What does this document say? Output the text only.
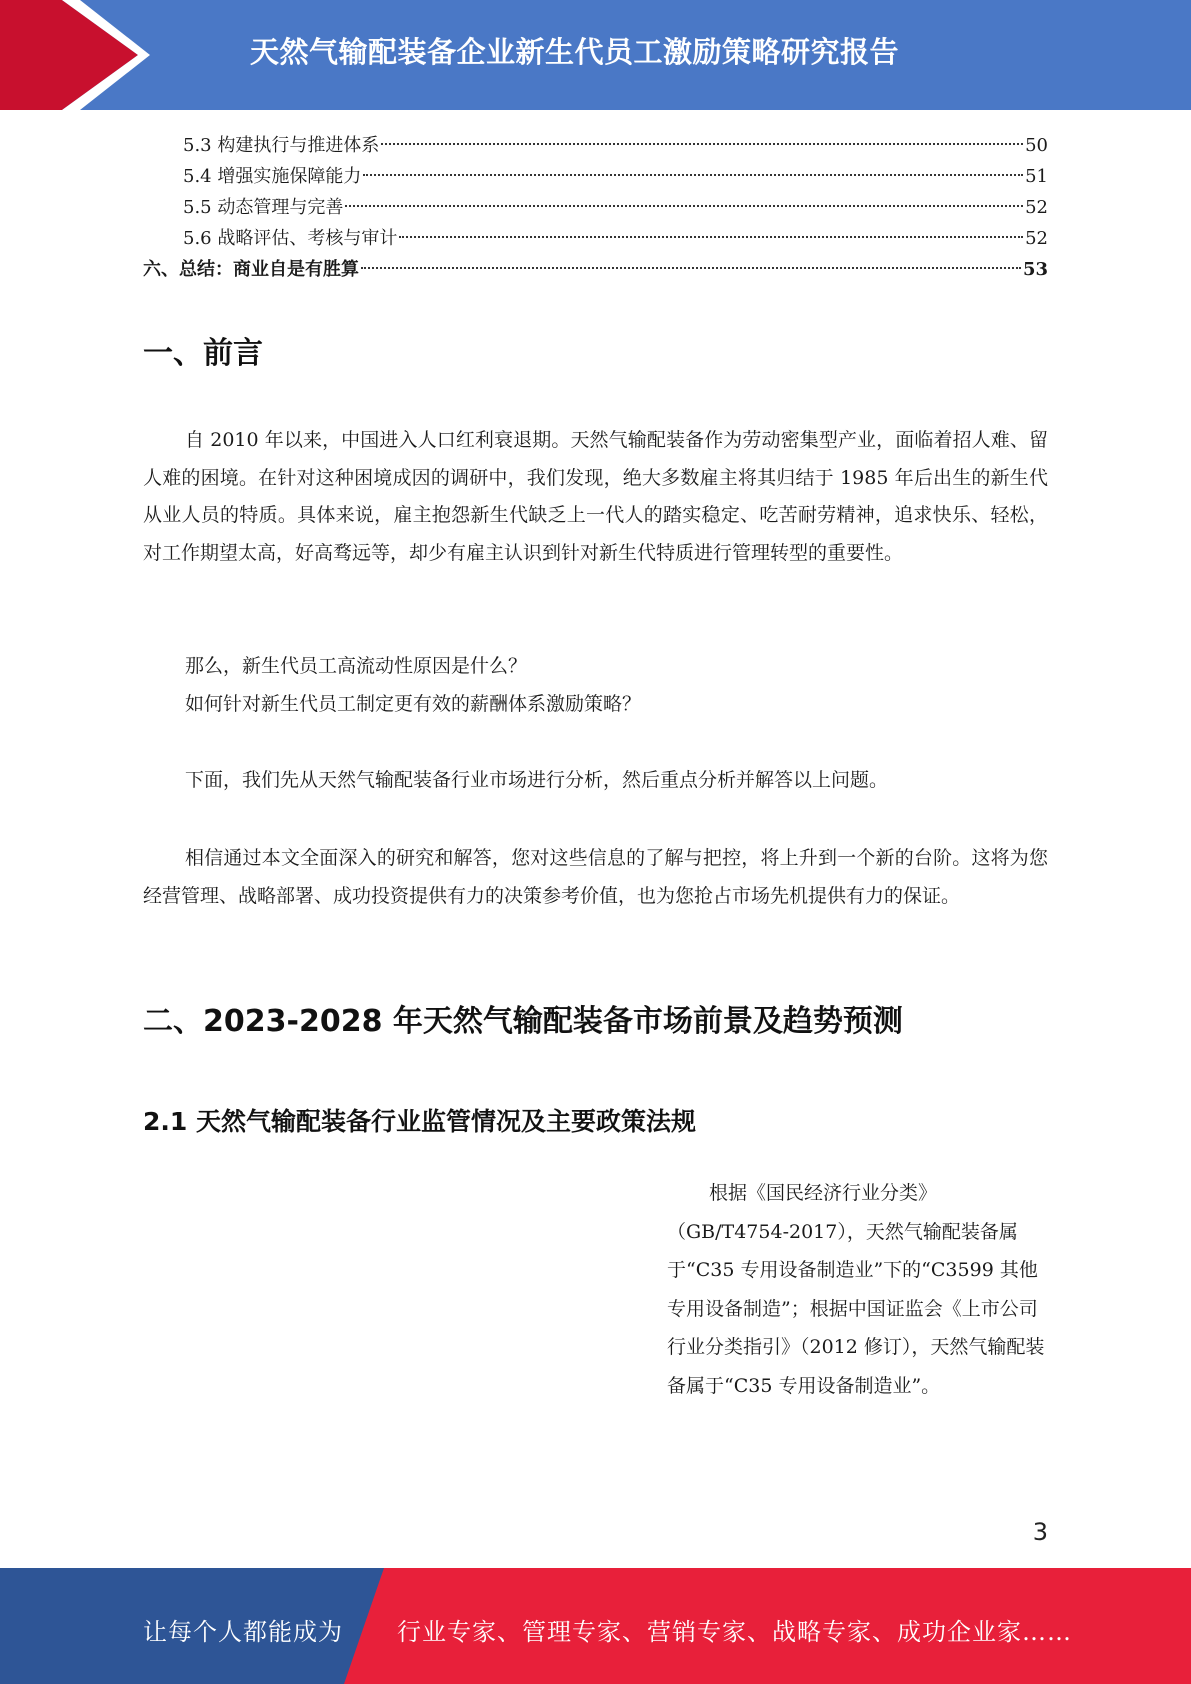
天然气输配装备企业新生代员工激励策略研究报告
5.3 构建执行与推进体系	50
5.4 增强实施保障能力	51
5.5 动态管理与完善	52
5.6 战略评估、考核与审计	52
六、总结：商业自是有胜算	53
一、前言

自 2010 年以来，中国进入人口红利衰退期。天然气输配装备作为劳动密集型产业，面临着招人难、留人难的困境。在针对这种困境成因的调研中，我们发现，绝大多数雇主将其归结于 1985 年后出生的新生代从业人员的特质。具体来说，雇主抱怨新生代缺乏上一代人的踏实稳定、吃苦耐劳精神，追求快乐、轻松，对工作期望太高，好高骛远等，却少有雇主认识到针对新生代特质进行管理转型的重要性。

那么，新生代员工高流动性原因是什么？

如何针对新生代员工制定更有效的薪酬体系激励策略？

下面，我们先从天然气输配装备行业市场进行分析，然后重点分析并解答以上问题。

相信通过本文全面深入的研究和解答，您对这些信息的了解与把控，将上升到一个新的台阶。这将为您经营管理、战略部署、成功投资提供有力的决策参考价值，也为您抢占市场先机提供有力的保证。

二、2023-2028 年天然气输配装备市场前景及趋势预测
2.1 天然气输配装备行业监管情况及主要政策法规

根据《国民经济行业分类》（GB/T4754-2017），天然气输配装备属于“C35 专用设备制造业”下的“C3599 其他专用设备制造”；根据中国证监会《上市公司行业分类指引》（2012 修订），天然气输配装备属于“C35 专用设备制造业”。

3
让每个人都能成为 行业专家、管理专家、营销专家、战略专家、成功企业家……
